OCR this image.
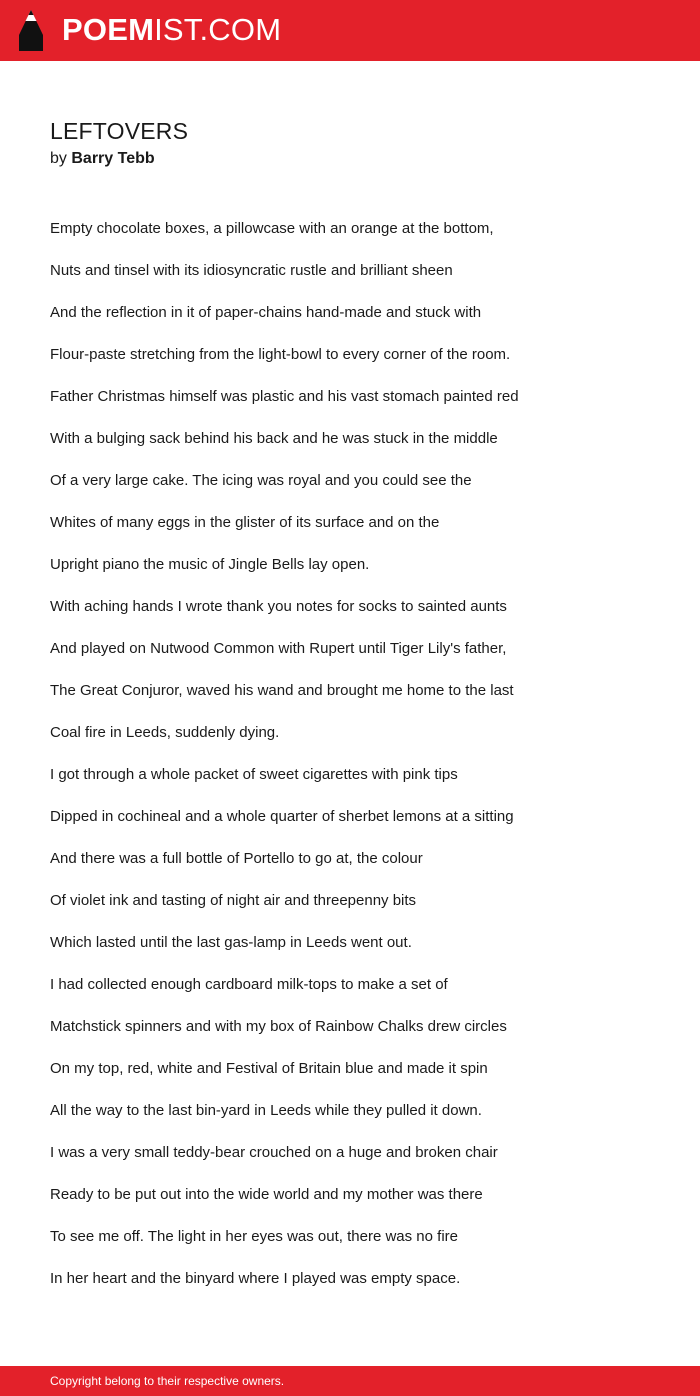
POEMIST.COM
LEFTOVERS
by Barry Tebb
Empty chocolate boxes, a pillowcase with an orange at the bottom,
Nuts and tinsel with its idiosyncratic rustle and brilliant sheen
And the reflection in it of paper-chains hand-made and stuck with
Flour-paste stretching from the light-bowl to every corner of the room.
Father Christmas himself was plastic and his vast stomach painted red
With a bulging sack behind his back and he was stuck in the middle
Of a very large cake. The icing was royal and you could see the
Whites of many eggs in the glister of its surface and on the
Upright piano the music of Jingle Bells lay open.
With aching hands I wrote thank you notes for socks to sainted aunts
And played on Nutwood Common with Rupert until Tiger Lily's father,
The Great Conjuror, waved his wand and brought me home to the last
Coal fire in Leeds, suddenly dying.
I got through a whole packet of sweet cigarettes with pink tips
Dipped in cochineal and a whole quarter of sherbet lemons at a sitting
And there was a full bottle of Portello to go at, the colour
Of violet ink and tasting of night air and threepenny bits
Which lasted until the last gas-lamp in Leeds went out.
I had collected enough cardboard milk-tops to make a set of
Matchstick spinners and with my box of Rainbow Chalks drew circles
On my top, red, white and Festival of Britain blue and made it spin
All the way to the last bin-yard in Leeds while they pulled it down.
I was a very small teddy-bear crouched on a huge and broken chair
Ready to be put out into the wide world and my mother was there
To see me off. The light in her eyes was out, there was no fire
In her heart and the binyard where I played was empty space.
Copyright belong to their respective owners.
